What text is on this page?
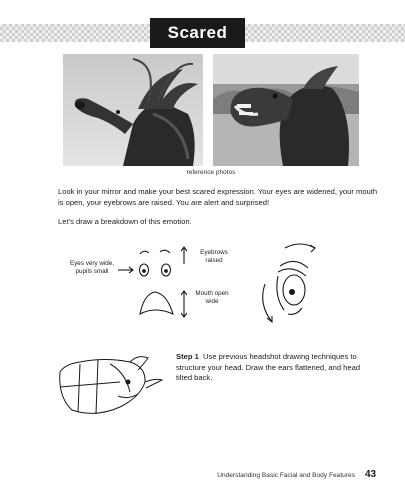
Scared
reference photos
Look in your mirror and make your best scared expression. Your eyes are widened, your mouth is open, your eyebrows are raised. You are alert and surprised!
Let’s draw a breakdown of this emotion.
Eyes very wide, pupils small
Eyebrows raised
Mouth open wide
Step 1 Use previous headshot drawing techniques to structure your head. Draw the ears flattened, and head tilted back.
Understanding Basic Facial and Body Features 43
